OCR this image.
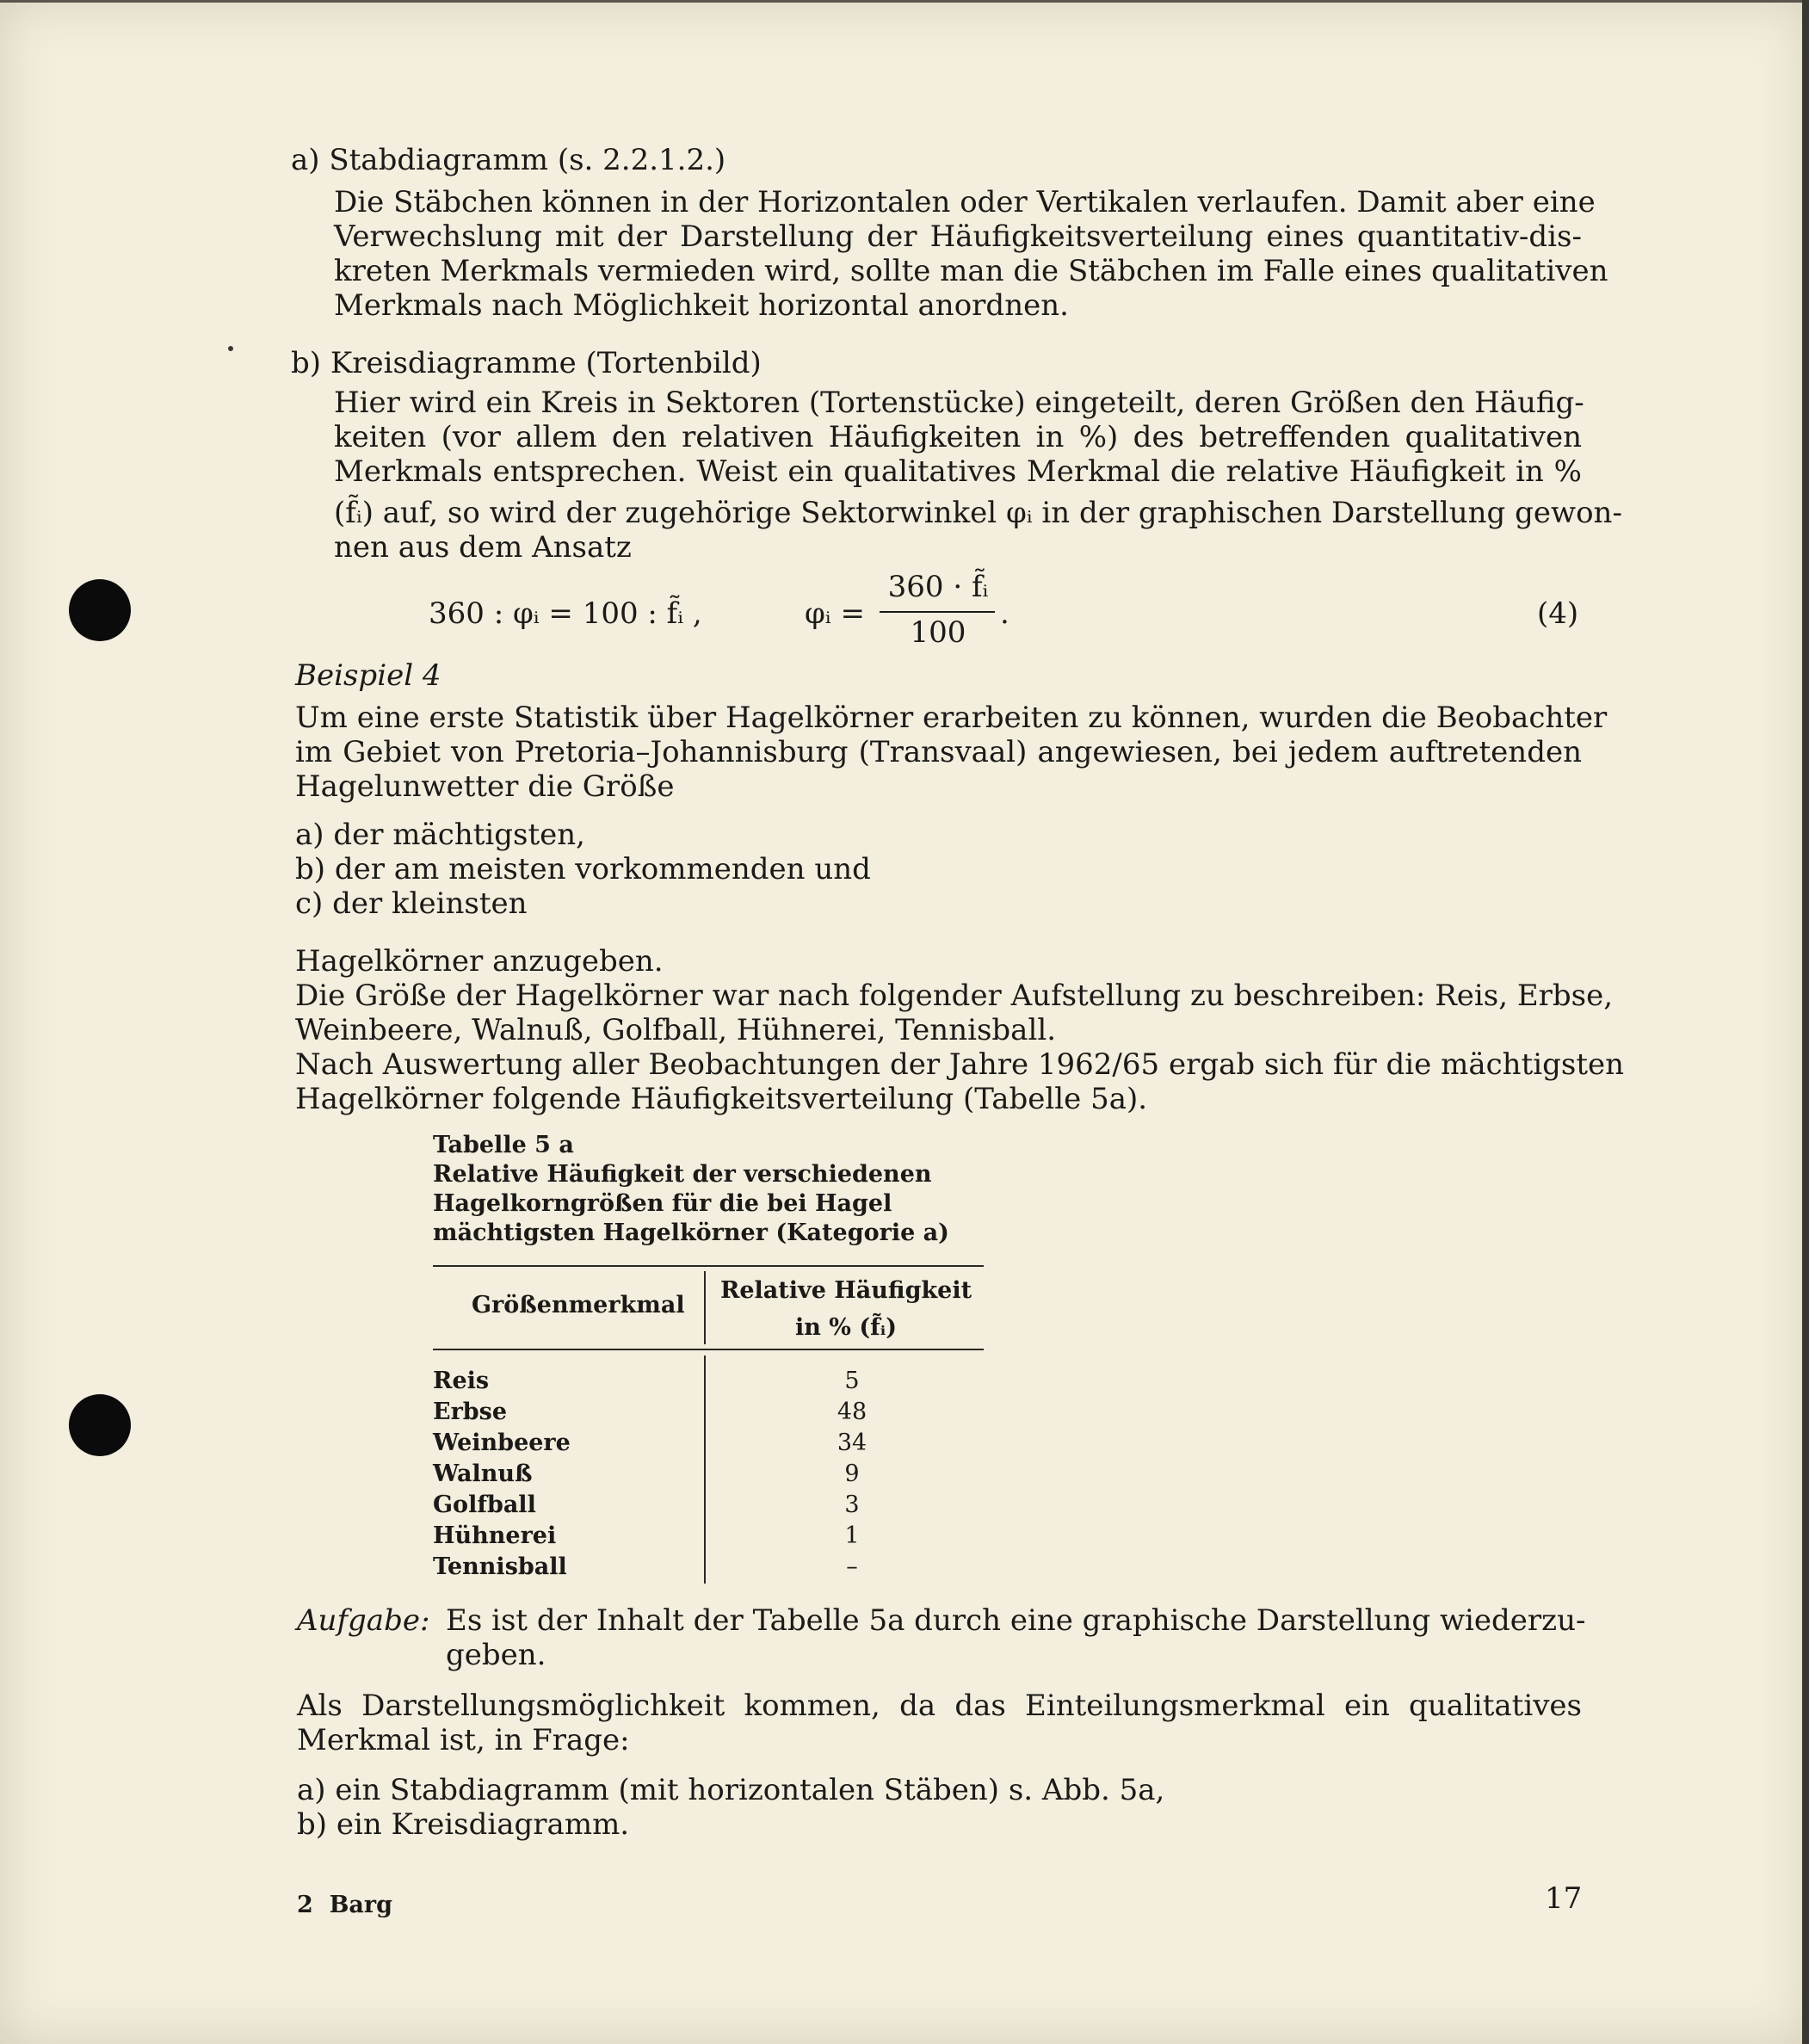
a) Stabdiagramm (s. 2.2.1.2.)
Die Stäbchen können in der Horizontalen oder Vertikalen verlaufen. Damit aber eine
Verwechslung mit der Darstellung der Häufigkeitsverteilung eines quantitativ-dis-
kreten Merkmals vermieden wird, sollte man die Stäbchen im Falle eines qualitativen
Merkmals nach Möglichkeit horizontal anordnen.
b) Kreisdiagramme (Tortenbild)
Hier wird ein Kreis in Sektoren (Tortenstücke) eingeteilt, deren Größen den Häufig-
keiten (vor allem den relativen Häufigkeiten in %) des betreffenden qualitativen
Merkmals entsprechen. Weist ein qualitatives Merkmal die relative Häufigkeit in %
(f̃ᵢ) auf, so wird der zugehörige Sektorwinkel φᵢ in der graphischen Darstellung gewon-
nen aus dem Ansatz
360 : φᵢ = 100 : f̃ᵢ ,	φᵢ =
360 · f̃ᵢ
100
.	(4)
Beispiel 4
Um eine erste Statistik über Hagelkörner erarbeiten zu können, wurden die Beobachter
im Gebiet von Pretoria–Johannisburg (Transvaal) angewiesen, bei jedem auftretenden
Hagelunwetter die Größe
a) der mächtigsten,
b) der am meisten vorkommenden und
c) der kleinsten
Hagelkörner anzugeben.
Die Größe der Hagelkörner war nach folgender Aufstellung zu beschreiben: Reis, Erbse,
Weinbeere, Walnuß, Golfball, Hühnerei, Tennisball.
Nach Auswertung aller Beobachtungen der Jahre 1962/65 ergab sich für die mächtigsten
Hagelkörner folgende Häufigkeitsverteilung (Tabelle 5a).
Tabelle 5 a
Relative Häufigkeit der verschiedenen
Hagelkorngrößen für die bei Hagel
mächtigsten Hagelkörner (Kategorie a)
Größenmerkmal
Relative Häufigkeit
in % (f̃ᵢ)
Reis	5
Erbse	48
Weinbeere	34
Walnuß	9
Golfball	3
Hühnerei	1
Tennisball	–
Aufgabe: Es ist der Inhalt der Tabelle 5a durch eine graphische Darstellung wiederzu-
geben.
Als Darstellungsmöglichkeit kommen, da das Einteilungsmerkmal ein qualitatives
Merkmal ist, in Frage:
a) ein Stabdiagramm (mit horizontalen Stäben) s. Abb. 5a,
b) ein Kreisdiagramm.
2  Barg	17
